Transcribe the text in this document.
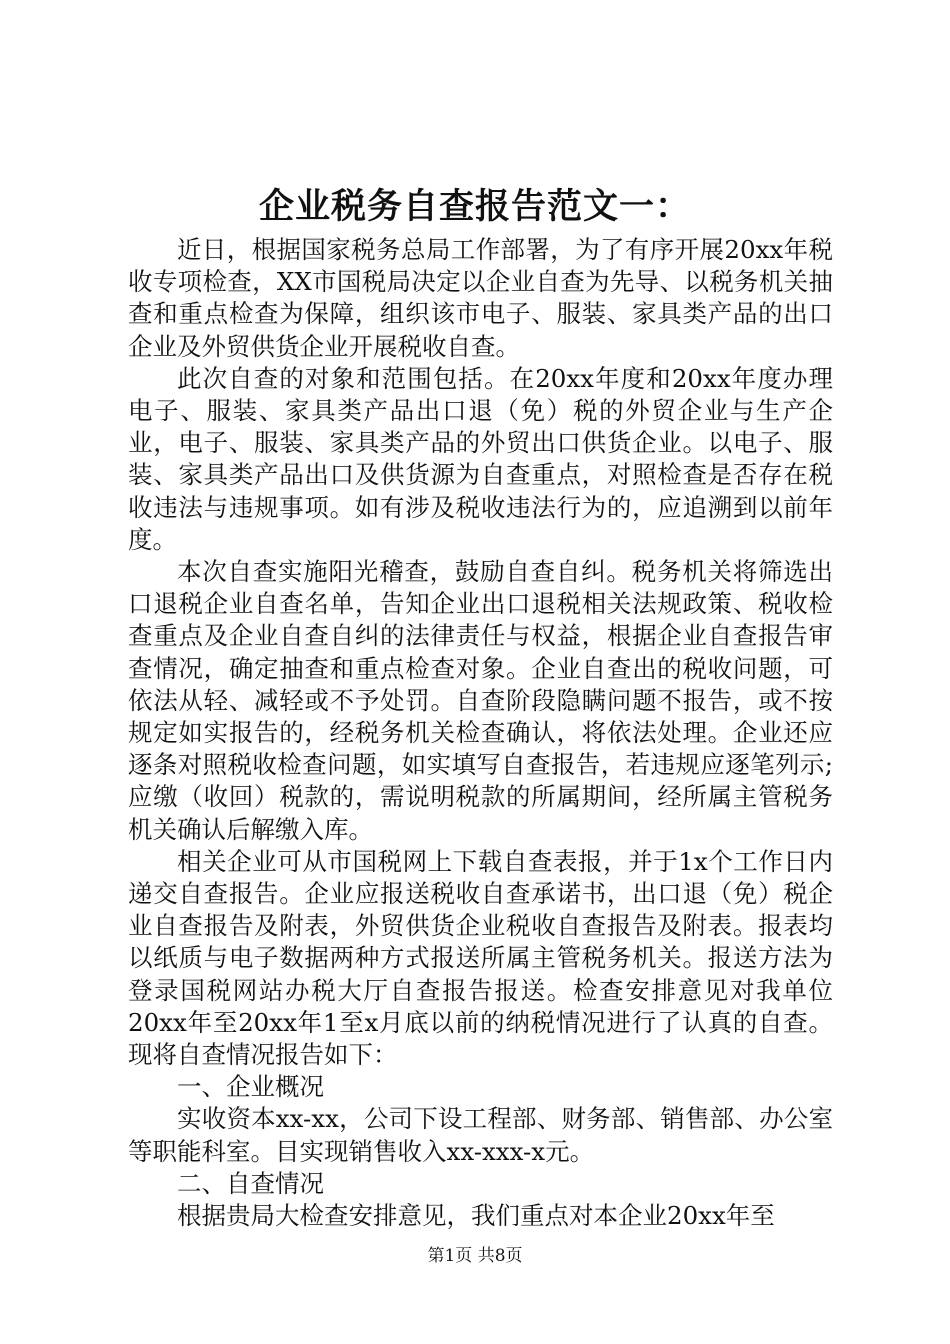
企业税务自查报告范文一：

近日，根据国家税务总局工作部署，为了有序开展20xx年税收专项检查，XX市国税局决定以企业自查为先导、以税务机关抽查和重点检查为保障，组织该市电子、服装、家具类产品的出口企业及外贸供货企业开展税收自查。

此次自查的对象和范围包括。在20xx年度和20xx年度办理电子、服装、家具类产品出口退（免）税的外贸企业与生产企业，电子、服装、家具类产品的外贸出口供货企业。以电子、服装、家具类产品出口及供货源为自查重点，对照检查是否存在税收违法与违规事项。如有涉及税收违法行为的，应追溯到以前年度。

本次自查实施阳光稽查，鼓励自查自纠。税务机关将筛选出口退税企业自查名单，告知企业出口退税相关法规政策、税收检查重点及企业自查自纠的法律责任与权益，根据企业自查报告审查情况，确定抽查和重点检查对象。企业自查出的税收问题，可依法从轻、减轻或不予处罚。自查阶段隐瞒问题不报告，或不按规定如实报告的，经税务机关检查确认，将依法处理。企业还应逐条对照税收检查问题，如实填写自查报告，若违规应逐笔列示;应缴（收回）税款的，需说明税款的所属期间，经所属主管税务机关确认后解缴入库。

相关企业可从市国税网上下载自查表报，并于1x个工作日内递交自查报告。企业应报送税收自查承诺书，出口退（免）税企业自查报告及附表，外贸供货企业税收自查报告及附表。报表均以纸质与电子数据两种方式报送所属主管税务机关。报送方法为登录国税网站办税大厅自查报告报送。检查安排意见对我单位20xx年至20xx年1至x月底以前的纳税情况进行了认真的自查。现将自查情况报告如下：

一、企业概况

实收资本xx-xx，公司下设工程部、财务部、销售部、办公室等职能科室。目实现销售收入xx-xxx-x元。

二、自查情况

根据贵局大检查安排意见，我们重点对本企业20xx年至

第1页 共8页
